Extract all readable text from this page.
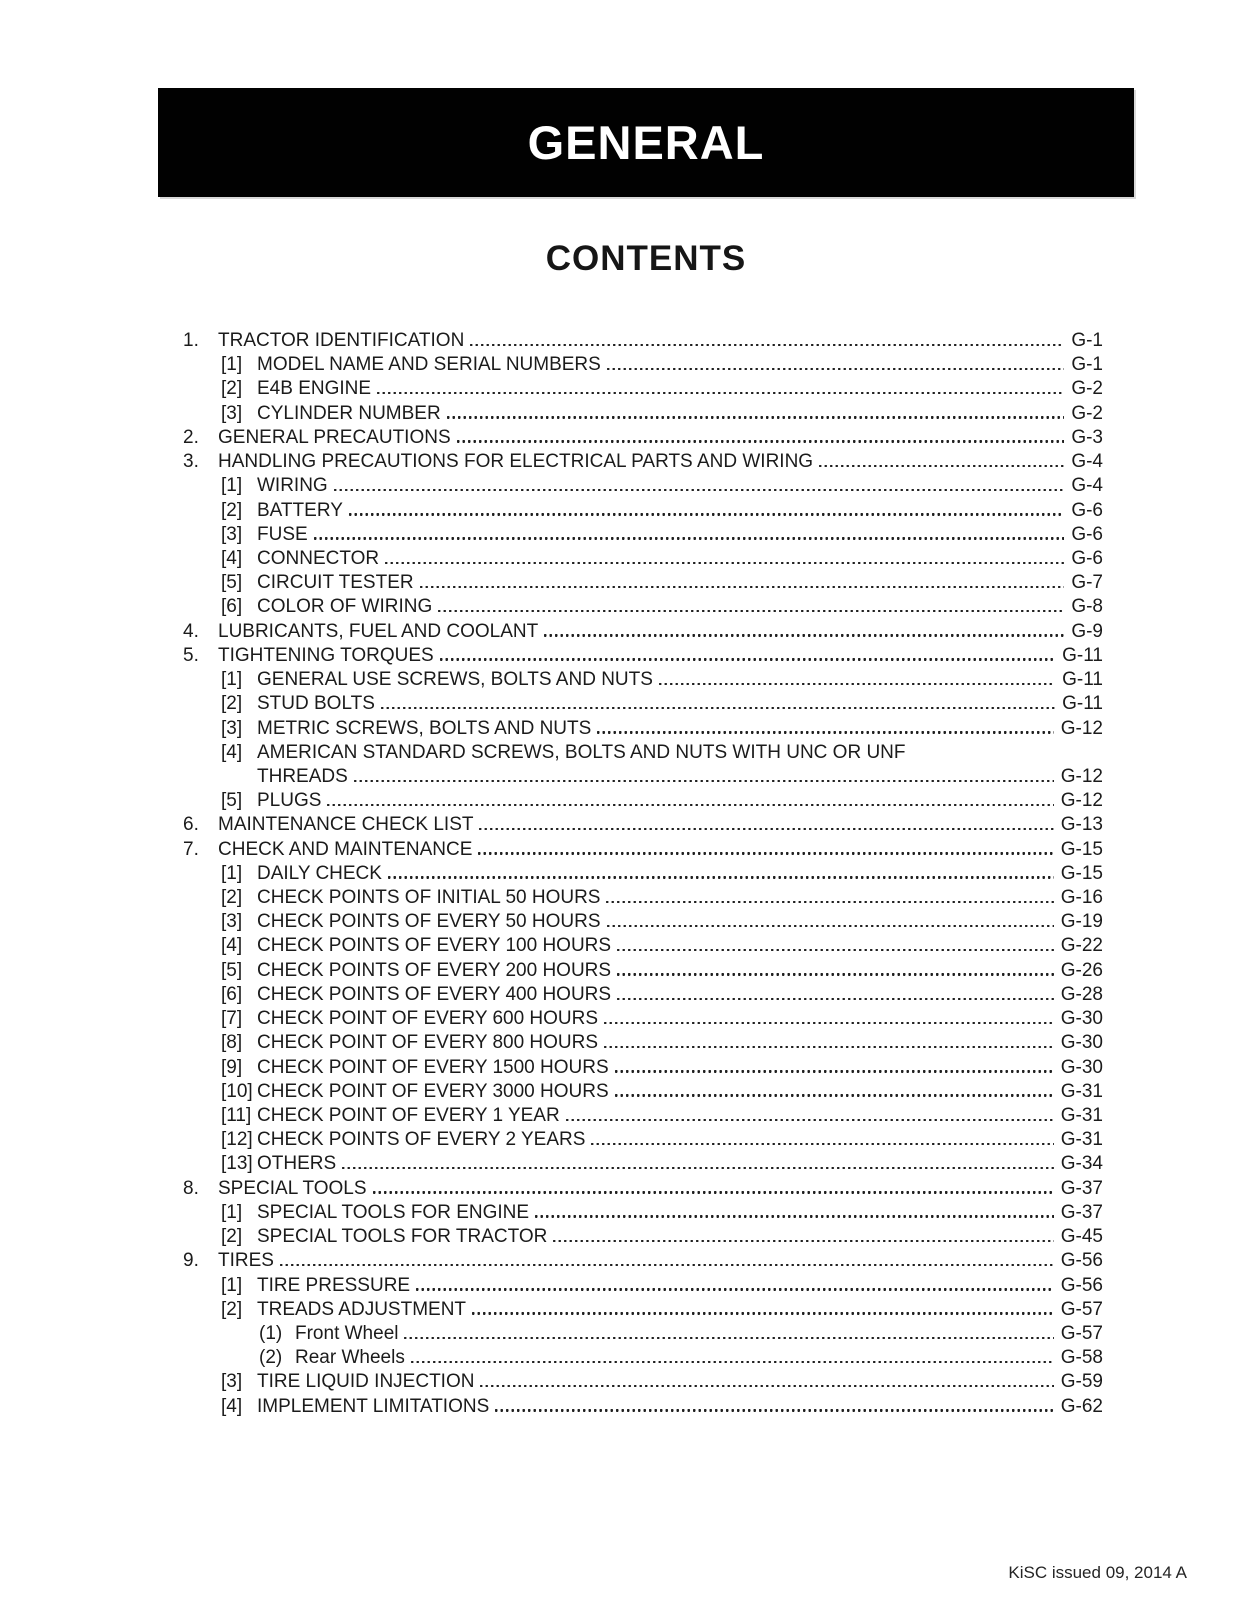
GENERAL
CONTENTS
1.	TRACTOR IDENTIFICATION	G-1
[1] MODEL NAME AND SERIAL NUMBERS	G-1
[2] E4B ENGINE	G-2
[3] CYLINDER NUMBER	G-2
2.	GENERAL PRECAUTIONS	G-3
3.	HANDLING PRECAUTIONS FOR ELECTRICAL PARTS AND WIRING	G-4
[1] WIRING	G-4
[2] BATTERY	G-6
[3] FUSE	G-6
[4] CONNECTOR	G-6
[5] CIRCUIT TESTER	G-7
[6] COLOR OF WIRING	G-8
4.	LUBRICANTS, FUEL AND COOLANT	G-9
5.	TIGHTENING TORQUES	G-11
[1] GENERAL USE SCREWS, BOLTS AND NUTS	G-11
[2] STUD BOLTS	G-11
[3] METRIC SCREWS, BOLTS AND NUTS	G-12
[4] AMERICAN STANDARD SCREWS, BOLTS AND NUTS WITH UNC OR UNF
THREADS	G-12
[5] PLUGS	G-12
6.	MAINTENANCE CHECK LIST	G-13
7.	CHECK AND MAINTENANCE	G-15
[1] DAILY CHECK	G-15
[2] CHECK POINTS OF INITIAL 50 HOURS	G-16
[3] CHECK POINTS OF EVERY 50 HOURS	G-19
[4] CHECK POINTS OF EVERY 100 HOURS	G-22
[5] CHECK POINTS OF EVERY 200 HOURS	G-26
[6] CHECK POINTS OF EVERY 400 HOURS	G-28
[7] CHECK POINT OF EVERY 600 HOURS	G-30
[8] CHECK POINT OF EVERY 800 HOURS	G-30
[9] CHECK POINT OF EVERY 1500 HOURS	G-30
[10] CHECK POINT OF EVERY 3000 HOURS	G-31
[11] CHECK POINT OF EVERY 1 YEAR	G-31
[12] CHECK POINTS OF EVERY 2 YEARS	G-31
[13] OTHERS	G-34
8.	SPECIAL TOOLS	G-37
[1] SPECIAL TOOLS FOR ENGINE	G-37
[2] SPECIAL TOOLS FOR TRACTOR	G-45
9.	TIRES	G-56
[1] TIRE PRESSURE	G-56
[2] TREADS ADJUSTMENT	G-57
(1) Front Wheel	G-57
(2) Rear Wheels	G-58
[3] TIRE LIQUID INJECTION	G-59
[4] IMPLEMENT LIMITATIONS	G-62
KiSC issued 09, 2014 A
